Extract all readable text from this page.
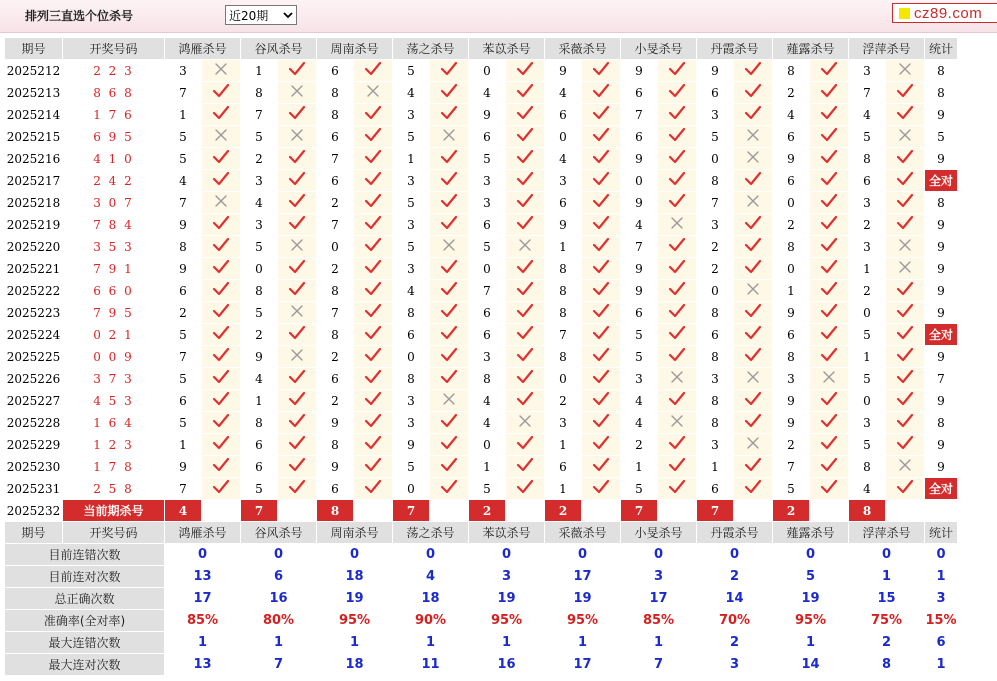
排列三直选个位杀号	近20期	cz89.com
期号	开奖号码	鸿雁杀号		谷风杀号		周南杀号		荡之杀号		苯苡杀号		采薇杀号		小旻杀号		丹霞杀号		薤露杀号		浮萍杀号		统计
2025212	2 2 3	3		1		6		5		0		9		9		9		8		3		8
2025213	8 6 8	7		8		8		4		4		4		6		6		2		7		8
2025214	1 7 6	1		7		8		3		9		6		7		3		4		4		9
2025215	6 9 5	5		5		6		5		6		0		6		5		6		5		5
2025216	4 1 0	5		2		7		1		5		4		9		0		9		8		9
2025217	2 4 2	4		3		6		3		3		3		0		8		6		6		全对
2025218	3 0 7	7		4		2		5		3		6		9		7		0		3		8
2025219	7 8 4	9		3		7		3		6		9		4		3		2		2		9
2025220	3 5 3	8		5		0		5		5		1		7		2		8		3		9
2025221	7 9 1	9		0		2		3		0		8		9		2		0		1		9
2025222	6 6 0	6		8		8		4		7		8		9		0		1		2		9
2025223	7 9 5	2		5		7		8		6		8		6		8		9		0		9
2025224	0 2 1	5		2		8		6		6		7		5		6		6		5		全对
2025225	0 0 9	7		9		2		0		3		8		5		8		8		1		9
2025226	3 7 3	5		4		6		8		8		0		3		3		3		5		7
2025227	4 5 3	6		1		2		3		4		2		4		8		9		0		9
2025228	1 6 4	5		8		9		3		4		3		4		8		9		3		8
2025229	1 2 3	1		6		8		9		0		1		2		3		2		5		9
2025230	1 7 8	9		6		9		5		1		6		1		1		7		8		9
2025231	2 5 8	7		5		6		0		5		1		5		6		5		4		全对
2025232	当前期杀号	4		7		8		7		2		2		7		7		2		8		
期号	开奖号码	鸿雁杀号		谷风杀号		周南杀号		荡之杀号		苯苡杀号		采薇杀号		小旻杀号		丹霞杀号		薤露杀号		浮萍杀号		统计
目前连错次数		0		0		0		0		0		0		0		0		0		0		0
目前连对次数		13		6		18		4		3		17		3		2		5		1		1
总正确次数		17		16		19		18		19		19		17		14		19		15		3
准确率(全对率)		85%		80%		95%		90%		95%		95%		85%		70%		95%		75%		15%
最大连错次数		1		1		1		1		1		1		1		2		1		2		6
最大连对次数		13		7		18		11		16		17		7		3		14		8		1
